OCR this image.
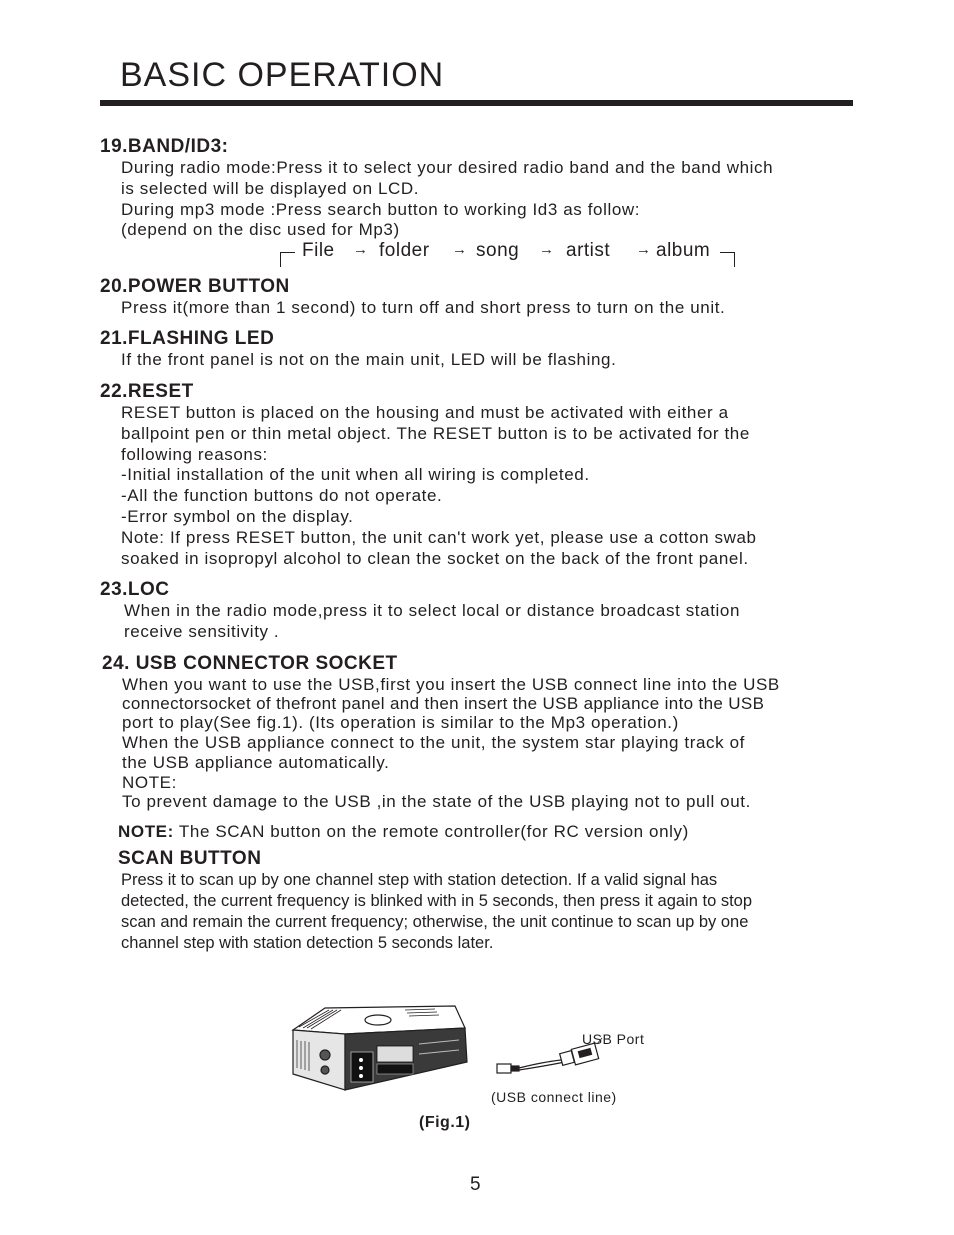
BASIC OPERATION
19.BAND/ID3:
During radio mode:Press it to select your desired radio band and the band which
is selected will be displayed on LCD.
During mp3 mode :Press search button to working Id3 as follow:
(depend on the disc used for Mp3)
File → folder → song → artist → album
20.POWER BUTTON
Press it(more than 1 second) to turn off and short press to turn on the unit.
21.FLASHING LED
If the front panel is not on the main unit, LED will be flashing.
22.RESET
RESET button is placed on the housing and must be activated with either a
ballpoint pen or thin metal object. The RESET button is to be activated for the
following reasons:
-Initial installation of the unit when all wiring is completed.
-All the function buttons do not operate.
-Error symbol on the display.
Note: If press RESET button, the unit can't work yet, please use a cotton swab
soaked in isopropyl alcohol to clean the socket on the back of the front panel.
23.LOC
When in the radio mode,press it to select local or distance broadcast station
receive sensitivity .
24. USB CONNECTOR SOCKET
When you want to use the USB,first you insert the USB connect line into the USB
connectorsocket of thefront panel and then insert the USB appliance into the USB
port to play(See fig.1). (Its operation is similar to the Mp3 operation.)
When the USB appliance connect to the unit, the system star playing track of
the USB appliance automatically.
NOTE:
To prevent damage to the USB ,in the state of the USB playing not to pull out.
NOTE: The SCAN button on the remote controller(for RC version only)
SCAN BUTTON
Press it to scan up by one channel step with station detection. If a valid signal has
detected, the current frequency is blinked with in 5 seconds, then press it again to stop
scan and remain the current frequency; otherwise, the unit continue to scan up by one
channel step with station detection 5 seconds later.
USB Port
(USB connect line)
(Fig.1)
5
